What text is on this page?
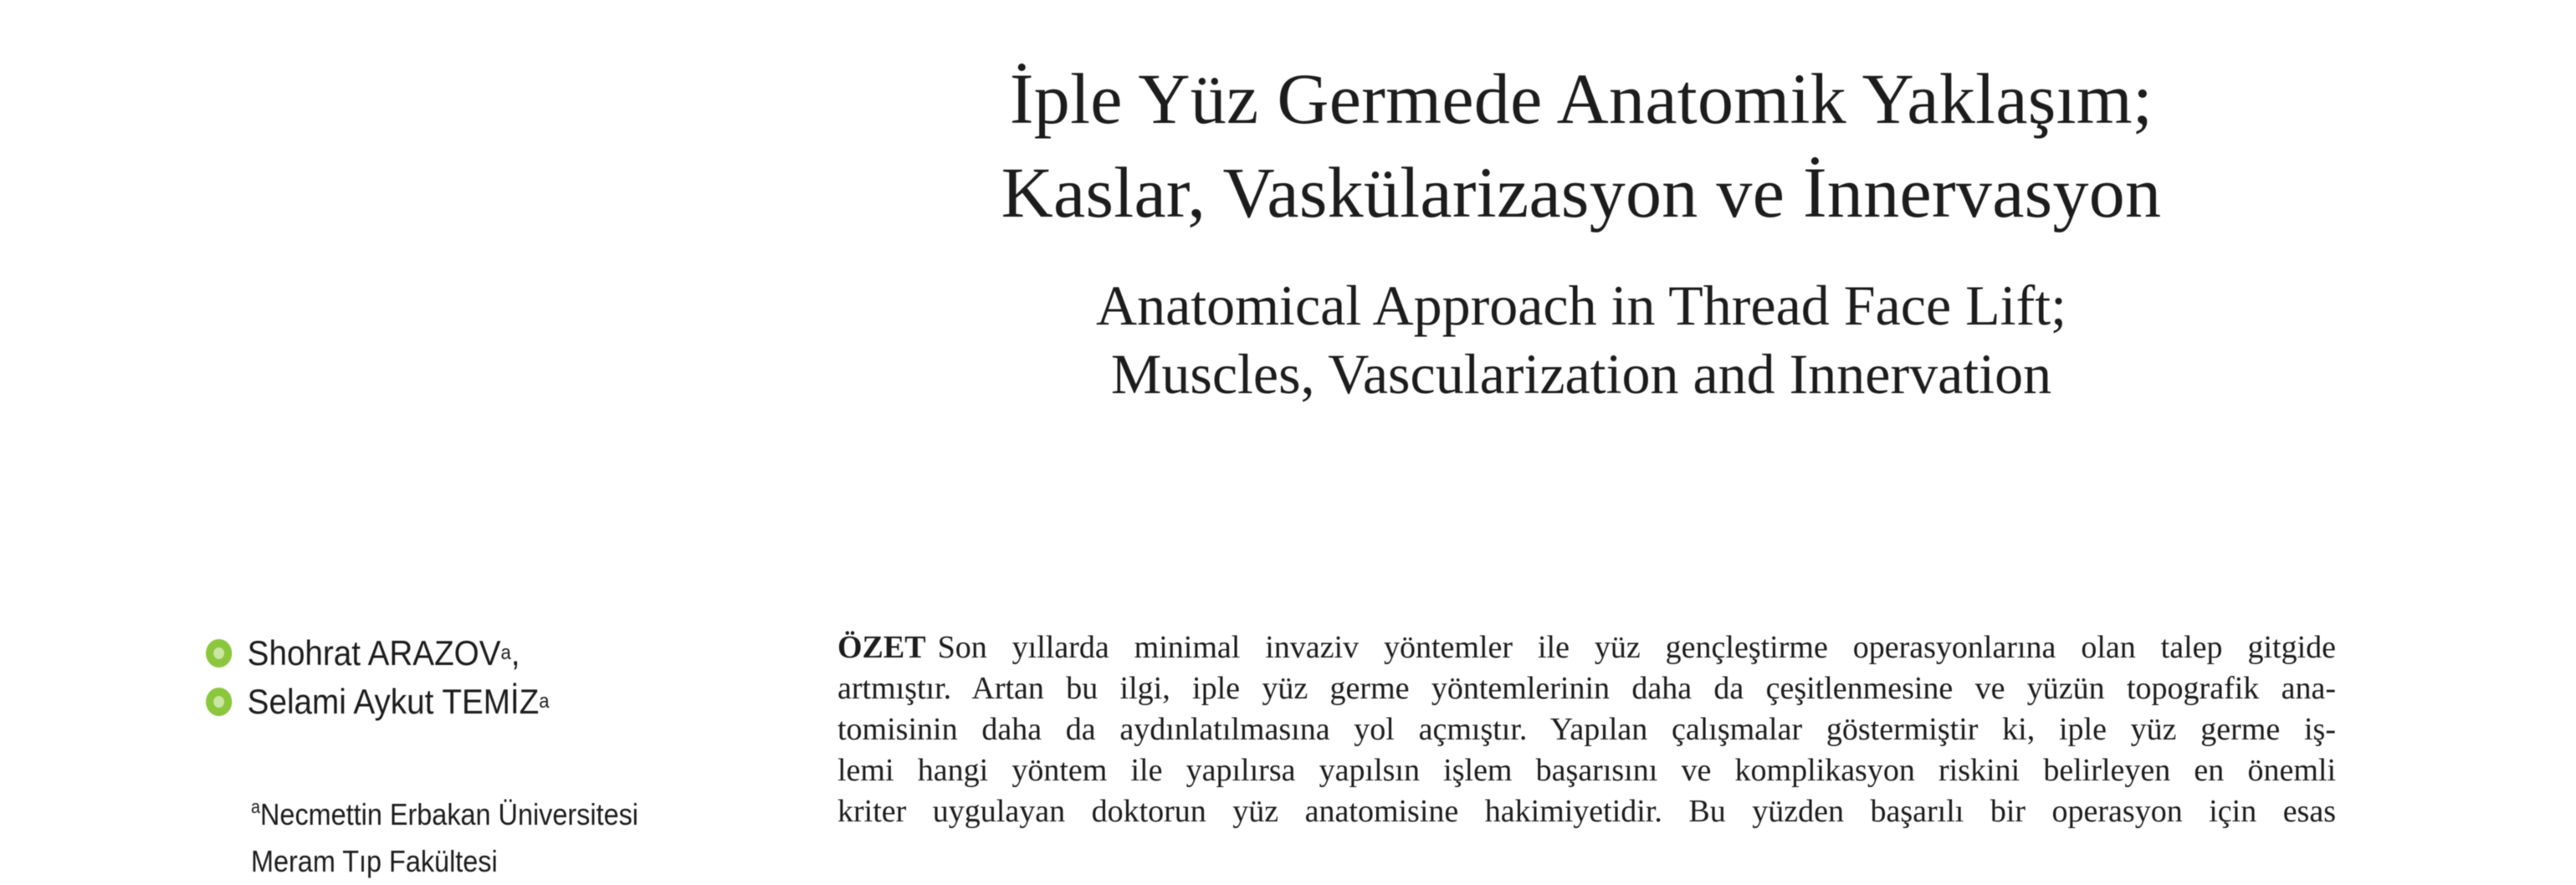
İple Yüz Germede Anatomik Yaklaşım;
Kaslar, Vaskülarizasyon ve İnnervasyon
Anatomical Approach in Thread Face Lift;
Muscles, Vascularization and Innervation
Shohrat ARAZOV a ,
Selami Aykut TEMİZ a
$^a$Necmettin Erbakan Üniversitesi
Meram Tıp Fakültesi
ÖZET Son yıllarda minimal invaziv yöntemler ile yüz gençleştirme operasyonlarına olan talep gitgide
artmıştır. Artan bu ilgi, iple yüz germe yöntemlerinin daha da çeşitlenmesine ve yüzün topografik ana-
tomisinin daha da aydınlatılmasına yol açmıştır. Yapılan çalışmalar göstermiştir ki, iple yüz germe iş-
lemi hangi yöntem ile yapılırsa yapılsın işlem başarısını ve komplikasyon riskini belirleyen en önemli
kriter uygulayan doktorun yüz anatomisine hakimiyetidir. Bu yüzden başarılı bir operasyon için esas
